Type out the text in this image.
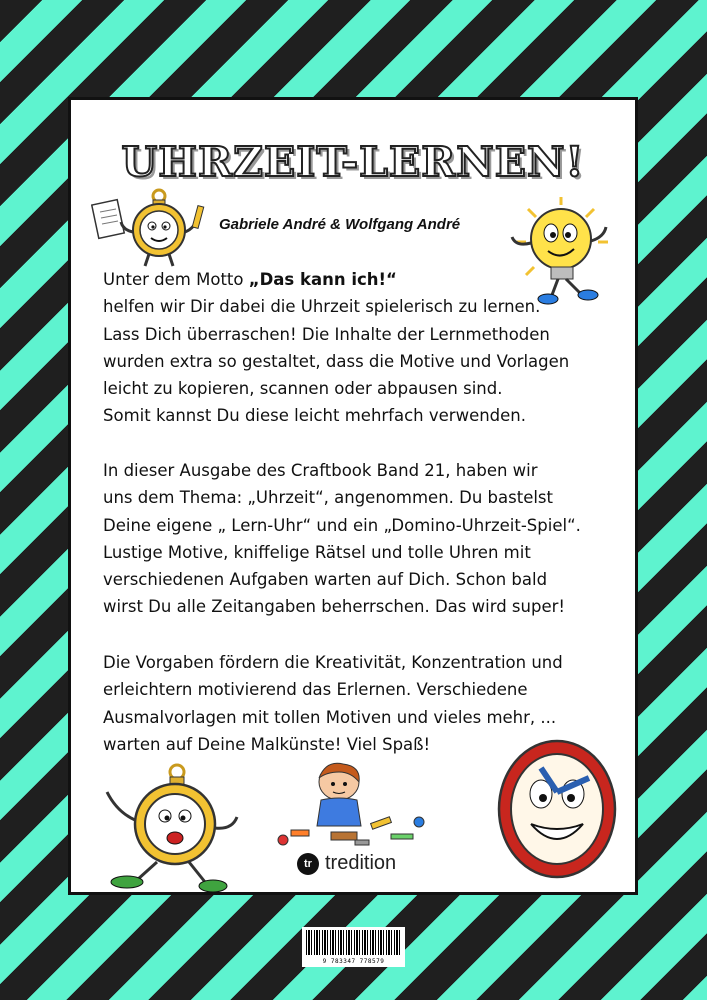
UHRZEIT-LERNEN!
Gabriele André & Wolfgang André

Unter dem Motto „Das kann ich!“
helfen wir Dir dabei die Uhrzeit spielerisch zu lernen.
Lass Dich überraschen! Die Inhalte der Lernmethoden
wurden extra so gestaltet, dass die Motive und Vorlagen
leicht zu kopieren, scannen oder abpausen sind.
Somit kannst Du diese leicht mehrfach verwenden.

In dieser Ausgabe des Craftbook Band 21, haben wir
uns dem Thema: „Uhrzeit“, angenommen. Du bastelst
Deine eigene „ Lern-Uhr“ und ein „Domino-Uhrzeit-Spiel“.
Lustige Motive, kniffelige Rätsel und tolle Uhren mit
verschiedenen Aufgaben warten auf Dich. Schon bald
wirst Du alle Zeitangaben beherrschen. Das wird super!

Die Vorgaben fördern die Kreativität, Konzentration und
erleichtern motivierend das Erlernen. Verschiedene
Ausmalvorlagen mit tollen Motiven und vieles mehr, ...
warten auf Deine Malkünste! Viel Spaß!

tr tredition
9 783347 778579
